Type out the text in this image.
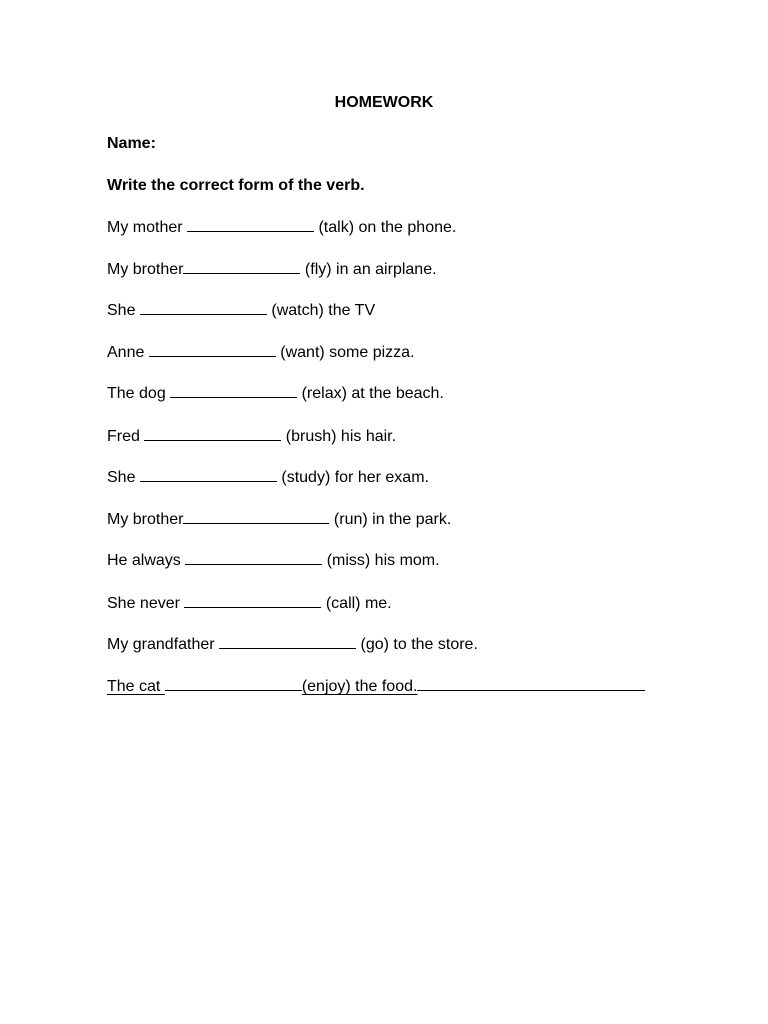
HOMEWORK
Name:
Write the correct form of the verb.
My mother	(talk) on the phone.
My brother	(fly) in an airplane.
She	(watch) the TV
Anne	(want) some pizza.
The dog	(relax) at the beach.
Fred	(brush) his hair.
She	(study) for her exam.
My brother	(run) in the park.
He always	(miss) his mom.
She never	(call) me.
My grandfather	(go) to the store.
The cat	(enjoy) the food.
